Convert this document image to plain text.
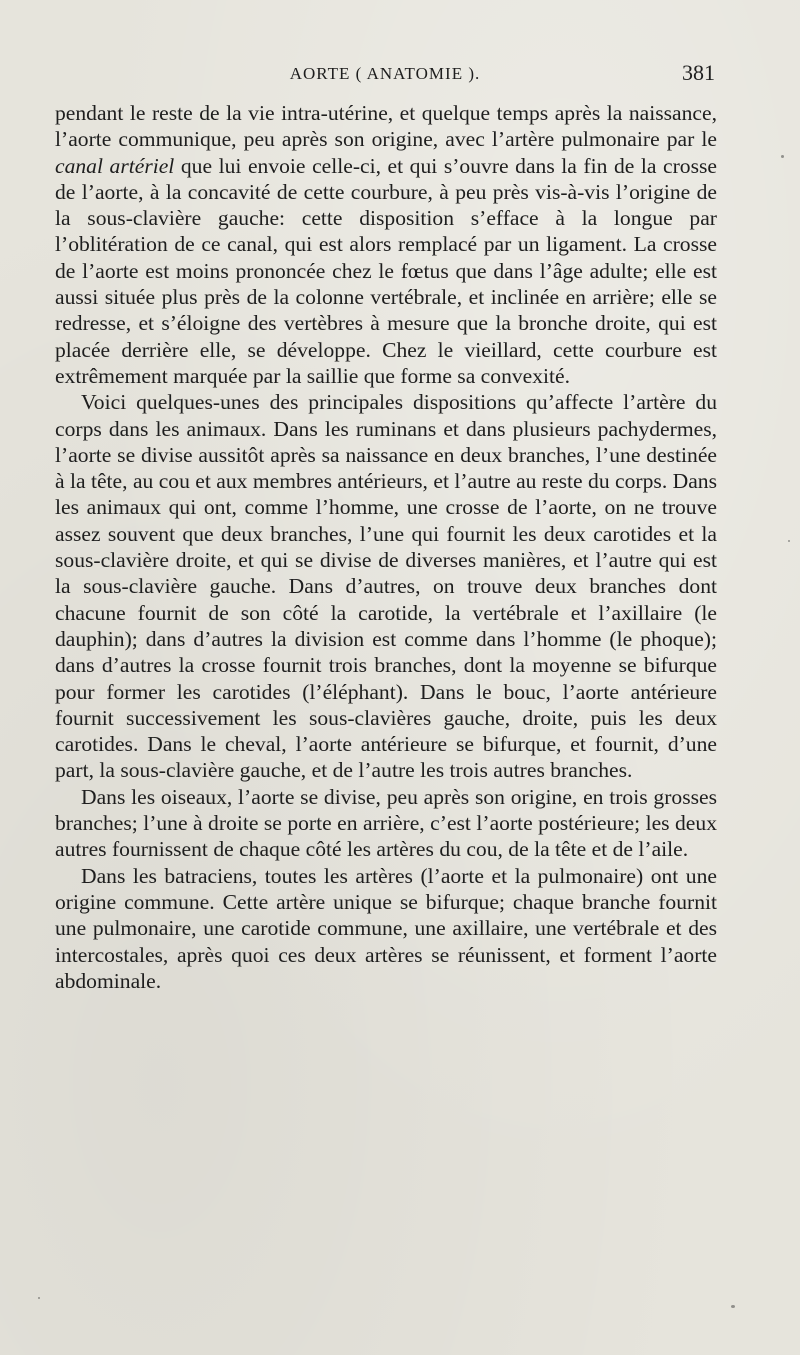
AORTE ( ANATOMIE ).	381

pendant le reste de la vie intra-utérine, et quelque temps après la naissance, l’aorte communique, peu après son origine, avec l’artère pulmonaire par le canal artériel que lui envoie celle-ci, et qui s’ouvre dans la fin de la crosse de l’aorte, à la concavité de cette courbure, à peu près vis-à-vis l’origine de la sous-clavière gauche: cette disposition s’efface à la longue par l’oblitération de ce canal, qui est alors remplacé par un ligament. La crosse de l’aorte est moins prononcée chez le fœtus que dans l’âge adulte; elle est aussi située plus près de la colonne vertébrale, et inclinée en arrière; elle se redresse, et s’éloigne des vertèbres à mesure que la bronche droite, qui est placée derrière elle, se développe. Chez le vieillard, cette courbure est extrêmement marquée par la saillie que forme sa convexité.

Voici quelques-unes des principales dispositions qu’affecte l’artère du corps dans les animaux. Dans les ruminans et dans plusieurs pachydermes, l’aorte se divise aussitôt après sa naissance en deux branches, l’une destinée à la tête, au cou et aux membres antérieurs, et l’autre au reste du corps. Dans les animaux qui ont, comme l’homme, une crosse de l’aorte, on ne trouve assez souvent que deux branches, l’une qui fournit les deux carotides et la sous-clavière droite, et qui se divise de diverses manières, et l’autre qui est la sous-clavière gauche. Dans d’autres, on trouve deux branches dont chacune fournit de son côté la carotide, la vertébrale et l’axillaire (le dauphin); dans d’autres la division est comme dans l’homme (le phoque); dans d’autres la crosse fournit trois branches, dont la moyenne se bifurque pour former les carotides (l’éléphant). Dans le bouc, l’aorte antérieure fournit successivement les sous-clavières gauche, droite, puis les deux carotides. Dans le cheval, l’aorte antérieure se bifurque, et fournit, d’une part, la sous-clavière gauche, et de l’autre les trois autres branches.

Dans les oiseaux, l’aorte se divise, peu après son origine, en trois grosses branches; l’une à droite se porte en arrière, c’est l’aorte postérieure; les deux autres fournissent de chaque côté les artères du cou, de la tête et de l’aile.

Dans les batraciens, toutes les artères (l’aorte et la pulmonaire) ont une origine commune. Cette artère unique se bifurque; chaque branche fournit une pulmonaire, une carotide commune, une axillaire, une vertébrale et des intercostales, après quoi ces deux artères se réunissent, et forment l’aorte abdominale.
